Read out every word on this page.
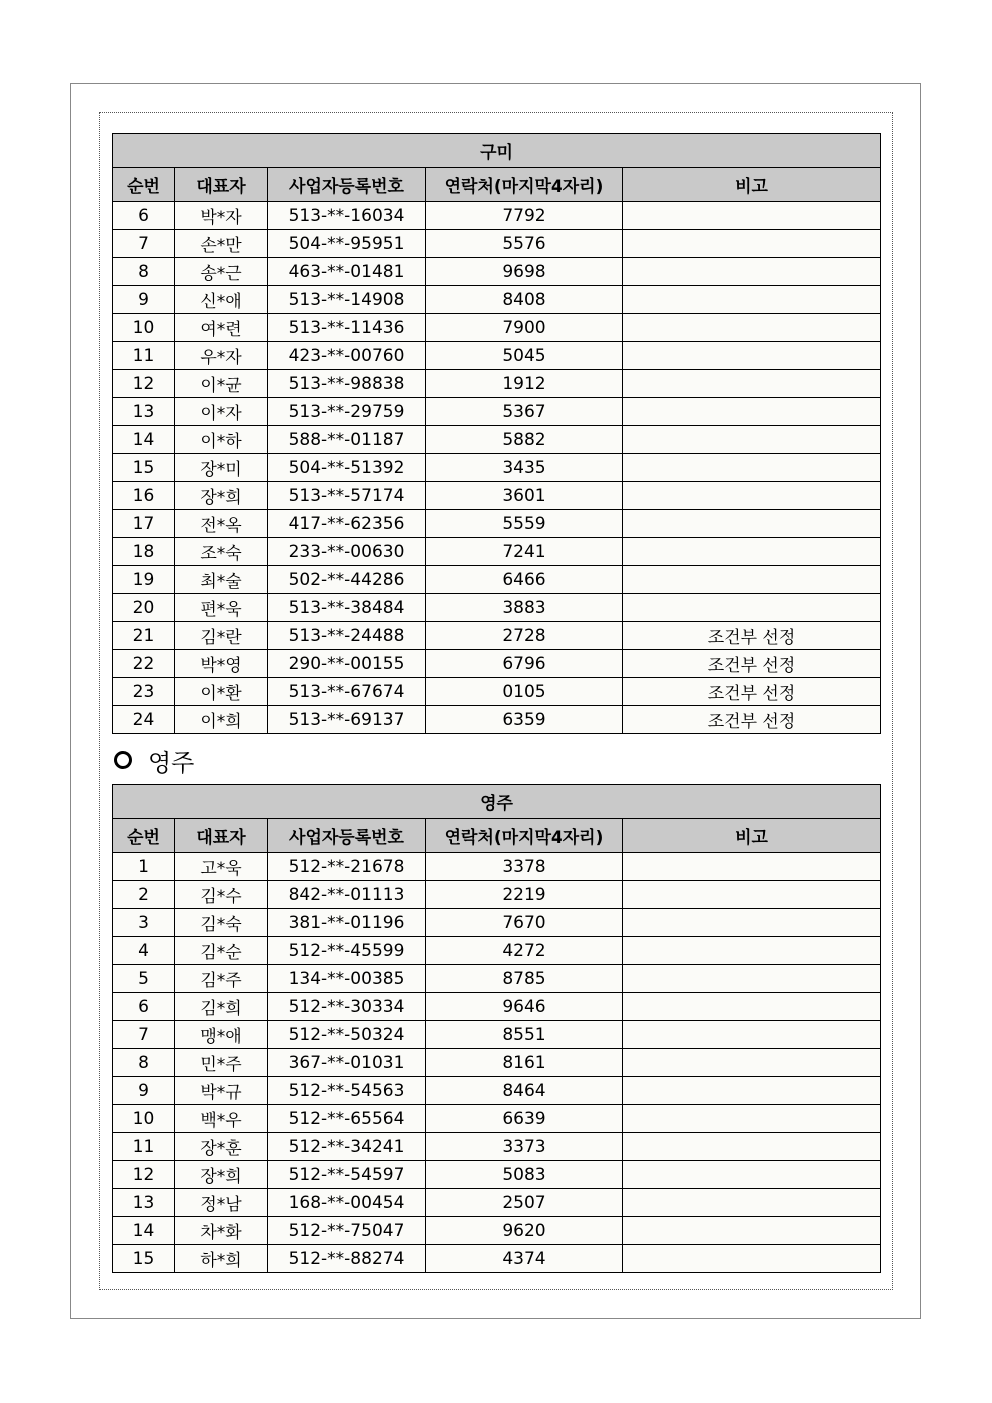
구미				
순번	대표자	사업자등록번호	연락처(마지막4자리)	비고
6	박*자	513-**-16034	7792	
7	손*만	504-**-95951	5576	
8	송*근	463-**-01481	9698	
9	신*애	513-**-14908	8408	
10	여*련	513-**-11436	7900	
11	우*자	423-**-00760	5045	
12	이*균	513-**-98838	1912	
13	이*자	513-**-29759	5367	
14	이*하	588-**-01187	5882	
15	장*미	504-**-51392	3435	
16	장*희	513-**-57174	3601	
17	전*옥	417-**-62356	5559	
18	조*숙	233-**-00630	7241	
19	최*술	502-**-44286	6466	
20	편*욱	513-**-38484	3883	
21	김*란	513-**-24488	2728	조건부 선정
22	박*영	290-**-00155	6796	조건부 선정
23	이*환	513-**-67674	0105	조건부 선정
24	이*희	513-**-69137	6359	조건부 선정
영주
영주				
순번	대표자	사업자등록번호	연락처(마지막4자리)	비고
1	고*욱	512-**-21678	3378	
2	김*수	842-**-01113	2219	
3	김*숙	381-**-01196	7670	
4	김*순	512-**-45599	4272	
5	김*주	134-**-00385	8785	
6	김*희	512-**-30334	9646	
7	맹*애	512-**-50324	8551	
8	민*주	367-**-01031	8161	
9	박*규	512-**-54563	8464	
10	백*우	512-**-65564	6639	
11	장*훈	512-**-34241	3373	
12	장*희	512-**-54597	5083	
13	정*남	168-**-00454	2507	
14	차*화	512-**-75047	9620	
15	하*희	512-**-88274	4374	
